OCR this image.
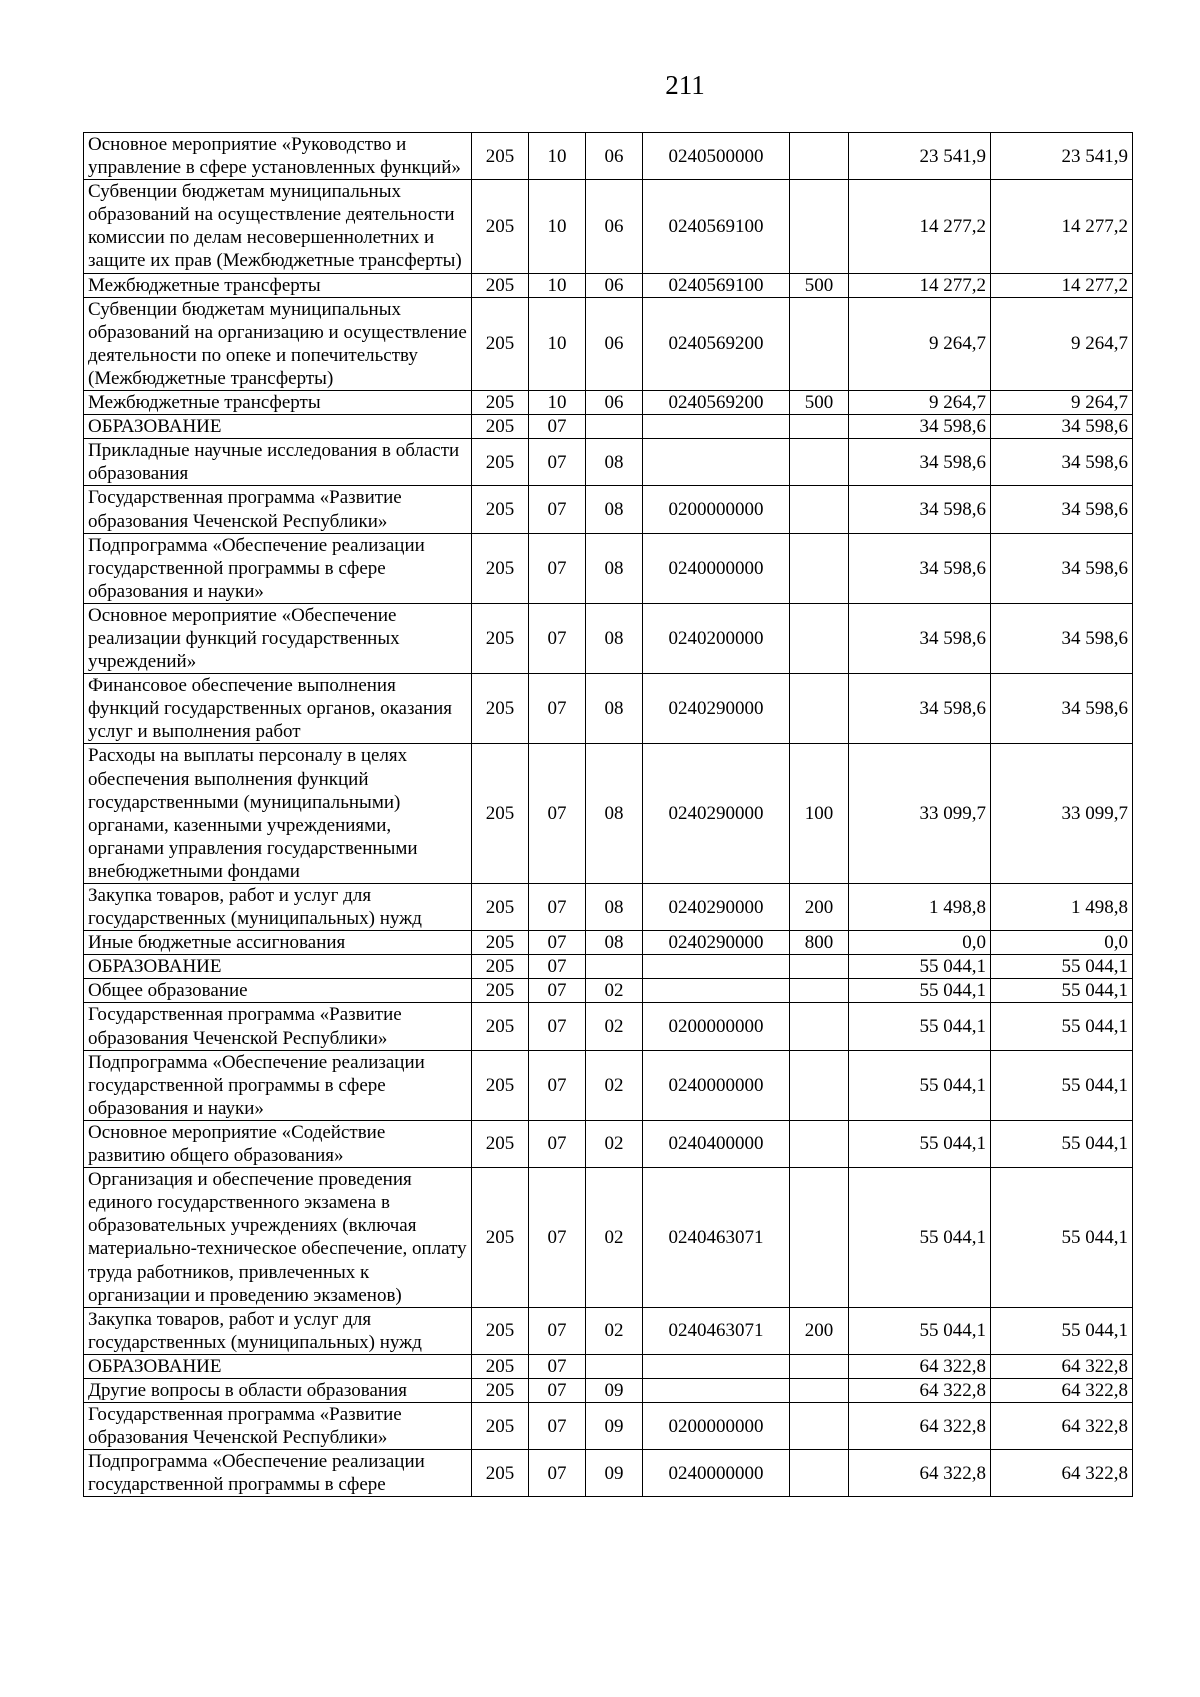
211
Основное мероприятие «Руководство и управление в сфере установленных функций»	205	10	06	0240500000		23 541,9	23 541,9
Субвенции бюджетам муниципальных образований на осуществление деятельности комиссии по делам несовершеннолетних и защите их прав (Межбюджетные трансферты)	205	10	06	0240569100		14 277,2	14 277,2
Межбюджетные трансферты	205	10	06	0240569100	500	14 277,2	14 277,2
Субвенции бюджетам муниципальных образований на организацию и осуществление деятельности по опеке и попечительству (Межбюджетные трансферты)	205	10	06	0240569200		9 264,7	9 264,7
Межбюджетные трансферты	205	10	06	0240569200	500	9 264,7	9 264,7
ОБРАЗОВАНИЕ	205	07				34 598,6	34 598,6
Прикладные научные исследования в области образования	205	07	08			34 598,6	34 598,6
Государственная программа «Развитие образования Чеченской Республики»	205	07	08	0200000000		34 598,6	34 598,6
Подпрограмма «Обеспечение реализации государственной программы в сфере образования и науки»	205	07	08	0240000000		34 598,6	34 598,6
Основное мероприятие «Обеспечение реализации функций государственных учреждений»	205	07	08	0240200000		34 598,6	34 598,6
Финансовое обеспечение выполнения функций государственных органов, оказания услуг и выполнения работ	205	07	08	0240290000		34 598,6	34 598,6
Расходы на выплаты персоналу в целях обеспечения выполнения функций государственными (муниципальными) органами, казенными учреждениями, органами управления государственными внебюджетными фондами	205	07	08	0240290000	100	33 099,7	33 099,7
Закупка товаров, работ и услуг для государственных (муниципальных) нужд	205	07	08	0240290000	200	1 498,8	1 498,8
Иные бюджетные ассигнования	205	07	08	0240290000	800	0,0	0,0
ОБРАЗОВАНИЕ	205	07				55 044,1	55 044,1
Общее образование	205	07	02			55 044,1	55 044,1
Государственная программа «Развитие образования Чеченской Республики»	205	07	02	0200000000		55 044,1	55 044,1
Подпрограмма «Обеспечение реализации государственной программы в сфере образования и науки»	205	07	02	0240000000		55 044,1	55 044,1
Основное мероприятие «Содействие развитию общего образования»	205	07	02	0240400000		55 044,1	55 044,1
Организация и обеспечение проведения единого государственного экзамена в образовательных учреждениях (включая материально-техническое обеспечение, оплату труда работников, привлеченных к организации и проведению экзаменов)	205	07	02	0240463071		55 044,1	55 044,1
Закупка товаров, работ и услуг для государственных (муниципальных) нужд	205	07	02	0240463071	200	55 044,1	55 044,1
ОБРАЗОВАНИЕ	205	07				64 322,8	64 322,8
Другие вопросы в области образования	205	07	09			64 322,8	64 322,8
Государственная программа «Развитие образования Чеченской Республики»	205	07	09	0200000000		64 322,8	64 322,8
Подпрограмма «Обеспечение реализации государственной программы в сфере	205	07	09	0240000000		64 322,8	64 322,8
